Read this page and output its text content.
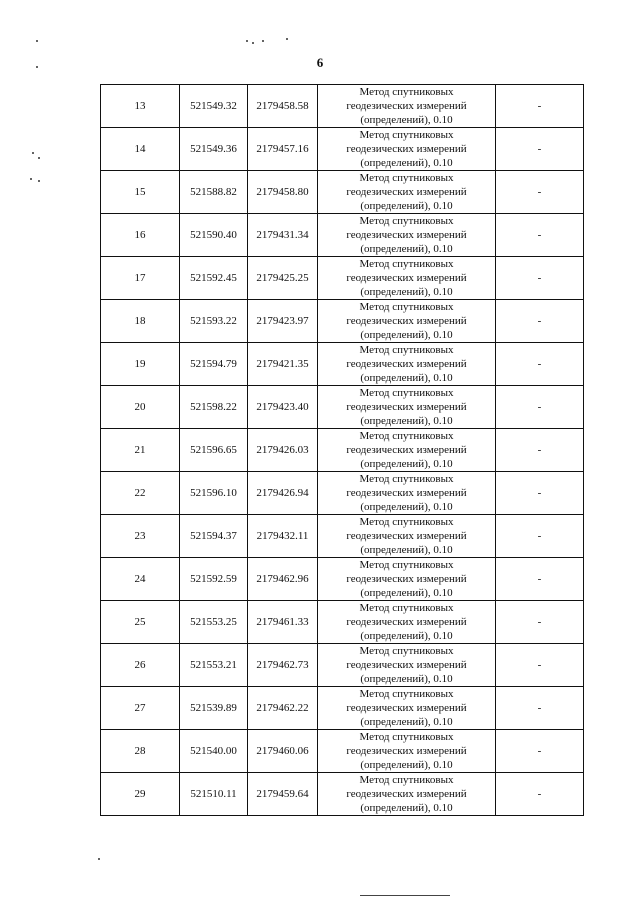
6
13	521549.32	2179458.58	Метод спутниковых
геодезических измерений
(определений), 0.10	-
14	521549.36	2179457.16	Метод спутниковых
геодезических измерений
(определений), 0.10	-
15	521588.82	2179458.80	Метод спутниковых
геодезических измерений
(определений), 0.10	-
16	521590.40	2179431.34	Метод спутниковых
геодезических измерений
(определений), 0.10	-
17	521592.45	2179425.25	Метод спутниковых
геодезических измерений
(определений), 0.10	-
18	521593.22	2179423.97	Метод спутниковых
геодезических измерений
(определений), 0.10	-
19	521594.79	2179421.35	Метод спутниковых
геодезических измерений
(определений), 0.10	-
20	521598.22	2179423.40	Метод спутниковых
геодезических измерений
(определений), 0.10	-
21	521596.65	2179426.03	Метод спутниковых
геодезических измерений
(определений), 0.10	-
22	521596.10	2179426.94	Метод спутниковых
геодезических измерений
(определений), 0.10	-
23	521594.37	2179432.11	Метод спутниковых
геодезических измерений
(определений), 0.10	-
24	521592.59	2179462.96	Метод спутниковых
геодезических измерений
(определений), 0.10	-
25	521553.25	2179461.33	Метод спутниковых
геодезических измерений
(определений), 0.10	-
26	521553.21	2179462.73	Метод спутниковых
геодезических измерений
(определений), 0.10	-
27	521539.89	2179462.22	Метод спутниковых
геодезических измерений
(определений), 0.10	-
28	521540.00	2179460.06	Метод спутниковых
геодезических измерений
(определений), 0.10	-
29	521510.11	2179459.64	Метод спутниковых
геодезических измерений
(определений), 0.10	-
